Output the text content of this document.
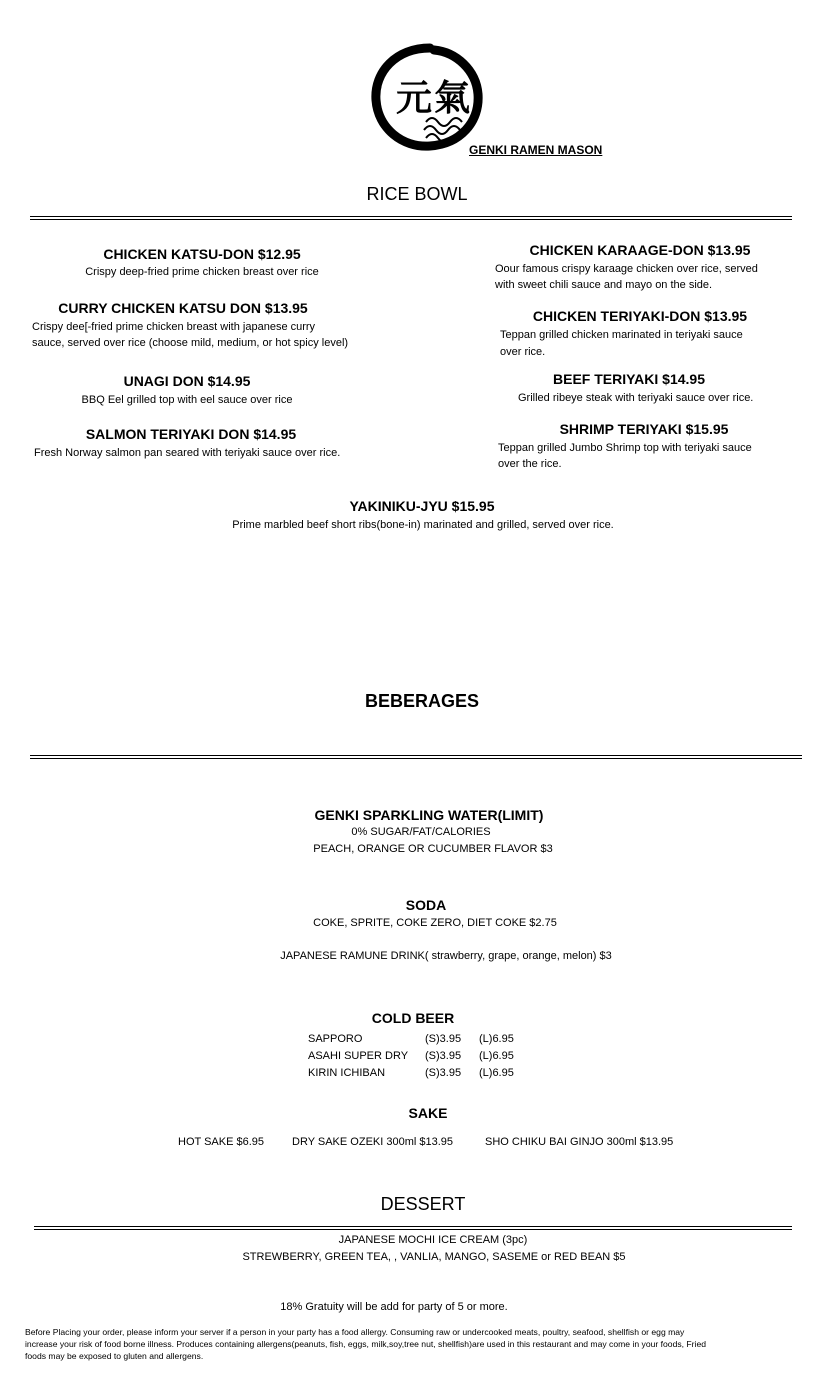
元氣
GENKI RAMEN MASON
RICE BOWL
CHICKEN KATSU-DON $12.95
Crispy deep-fried prime chicken breast over rice
CURRY CHICKEN KATSU DON $13.95
Crispy dee[-fried prime chicken breast with japanese curry
sauce, served over rice (choose mild, medium, or hot spicy level)
UNAGI DON $14.95
BBQ Eel grilled top with eel sauce over rice
SALMON TERIYAKI DON $14.95
Fresh Norway salmon pan seared with teriyaki sauce over rice.
CHICKEN KARAAGE-DON $13.95
Oour famous crispy karaage chicken over rice, served
with sweet chili sauce and mayo on the side.
CHICKEN TERIYAKI-DON $13.95
Teppan grilled chicken marinated in teriyaki sauce
over rice.
BEEF TERIYAKI $14.95
Grilled ribeye steak with teriyaki sauce over rice.
SHRIMP TERIYAKI $15.95
Teppan grilled Jumbo Shrimp top with teriyaki sauce
over the rice.
YAKINIKU-JYU $15.95
Prime marbled beef short ribs(bone-in) marinated and grilled, served over rice.
BEBERAGES
GENKI SPARKLING WATER(LIMIT)
0% SUGAR/FAT/CALORIES
PEACH, ORANGE OR CUCUMBER FLAVOR $3
SODA
COKE, SPRITE, COKE ZERO, DIET COKE $2.75
JAPANESE RAMUNE DRINK( strawberry, grape, orange, melon) $3
COLD BEER
SAPPORO	(S)3.95 (L)6.95
ASAHI SUPER DRY (S)3.95 (L)6.95
KIRIN ICHIBAN	(S)3.95 (L)6.95
SAKE
HOT SAKE $6.95	DRY SAKE OZEKI 300ml $13.95	SHO CHIKU BAI GINJO 300ml $13.95
DESSERT
JAPANESE MOCHI ICE CREAM (3pc)
STREWBERRY, GREEN TEA, , VANLIA, MANGO, SASEME or RED BEAN $5
18% Gratuity will be add for party of 5 or more.
Before Placing your order, please inform your server if a person in your party has a food allergy. Consuming raw or undercooked meats, poultry, seafood, shellfish or egg may
increase your risk of food borne illness. Produces containing allergens(peanuts, fish, eggs, milk,soy,tree nut, shellfish)are used in this restaurant and may come in your foods, Fried
foods may be exposed to gluten and allergens.
